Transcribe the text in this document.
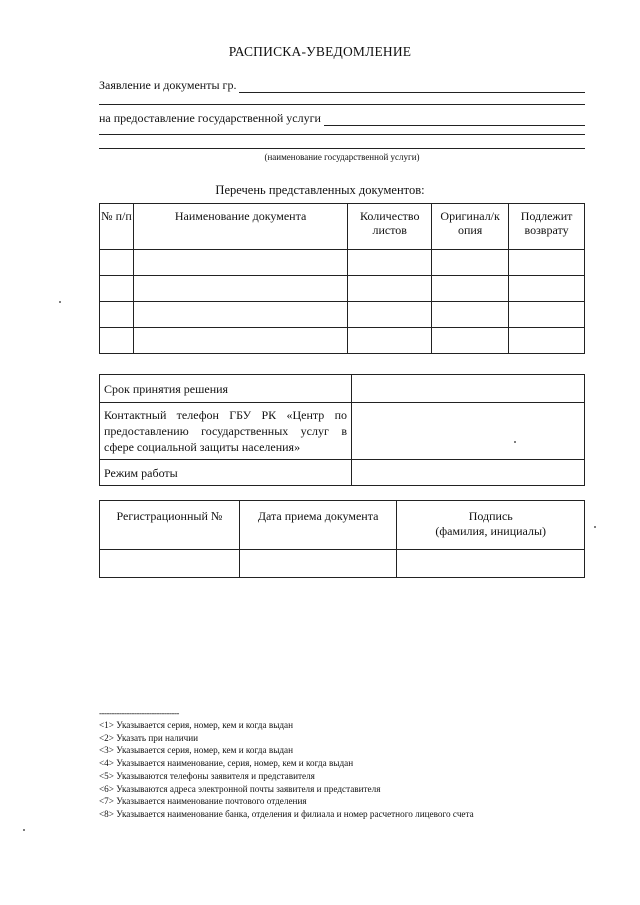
РАСПИСКА-УВЕДОМЛЕНИЕ
Заявление и документы гр.
на предоставление государственной услуги
(наименование государственной услуги)
Перечень представленных документов:
№ п/п	Наименование документа	Количество листов	Оригинал/к опия	Подлежит возврату

Срок принятия решения	
Контактный телефон ГБУ РК «Центр по предоставлению государственных услуг в сфере социальной защиты населения»	
Режим работы	
Регистрационный №	Дата приема документа	Подпись
(фамилия, инициалы)

--------------------------------
<1> Указывается серия, номер, кем и когда выдан
<2> Указать при наличии
<3> Указывается серия, номер, кем и когда выдан
<4> Указывается наименование, серия, номер, кем и когда выдан
<5> Указываются телефоны заявителя и представителя
<6> Указываются адреса электронной почты заявителя и представителя
<7> Указывается наименование почтового отделения
<8> Указывается наименование банка, отделения и филиала и номер расчетного лицевого счета
